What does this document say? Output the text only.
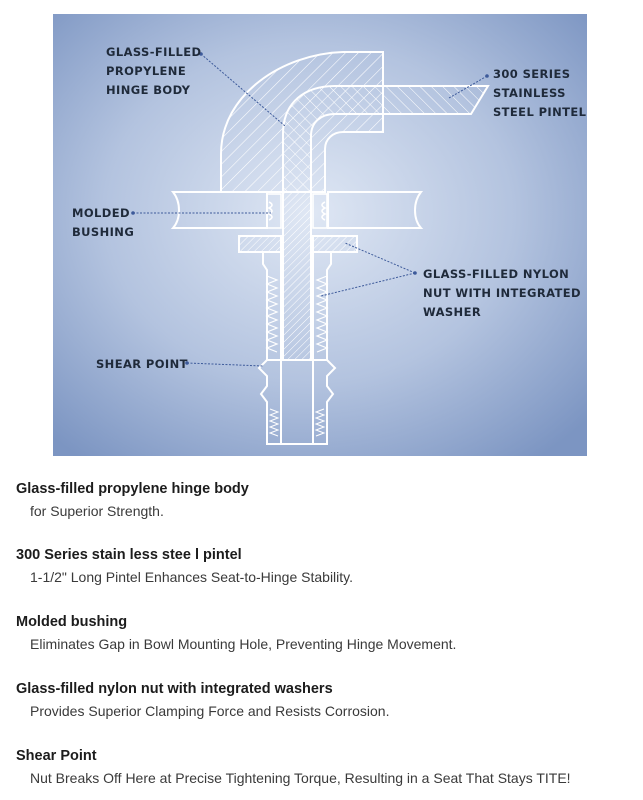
GLASS-FILLED
PROPYLENE
HINGE BODY
300 SERIES
STAINLESS
STEEL PINTEL
MOLDED
BUSHING
GLASS-FILLED NYLON
NUT WITH INTEGRATED
WASHER
SHEAR POINT
Glass-filled propylene hinge body

for Superior Strength.

300 Series stain less stee l pintel

1-1/2" Long Pintel Enhances Seat-to-Hinge Stability.

Molded bushing

Eliminates Gap in Bowl Mounting Hole, Preventing Hinge Movement.

Glass-filled nylon nut with integrated washers

Provides Superior Clamping Force and Resists Corrosion.

Shear Point

Nut Breaks Off Here at Precise Tightening Torque, Resulting in a Seat That Stays TITE!
